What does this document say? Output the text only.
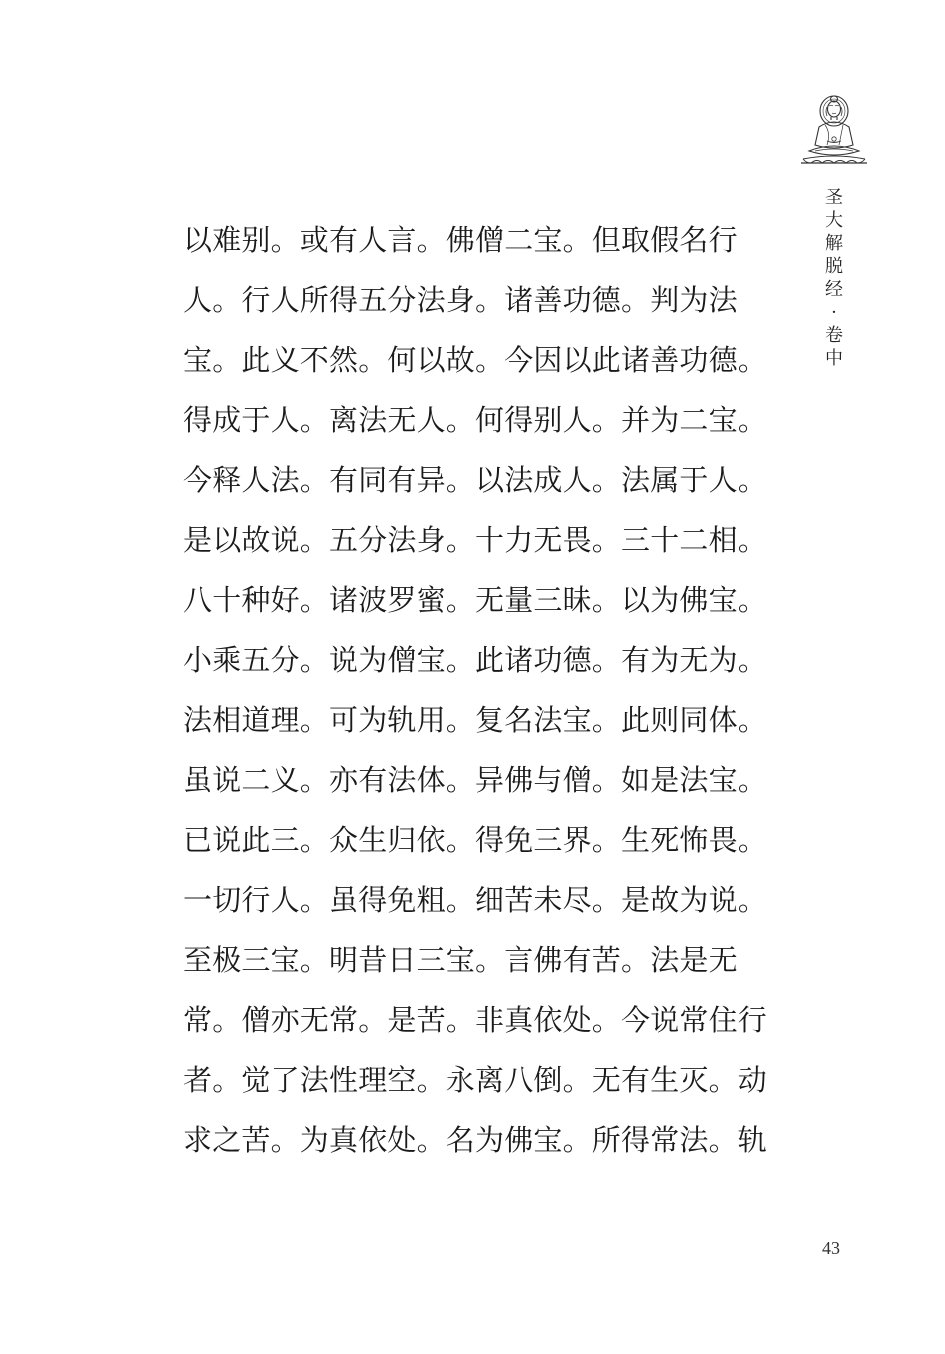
圣
大
解
脱
经
·
卷
中
以难别。或有人言。佛僧二宝。但取假名行
人。行人所得五分法身。诸善功德。判为法
宝。此义不然。何以故。今因以此诸善功德。
得成于人。离法无人。何得别人。并为二宝。
今释人法。有同有异。以法成人。法属于人。
是以故说。五分法身。十力无畏。三十二相。
八十种好。诸波罗蜜。无量三昧。以为佛宝。
小乘五分。说为僧宝。此诸功德。有为无为。
法相道理。可为轨用。复名法宝。此则同体。
虽说二义。亦有法体。异佛与僧。如是法宝。
已说此三。众生归依。得免三界。生死怖畏。
一切行人。虽得免粗。细苦未尽。是故为说。
至极三宝。明昔日三宝。言佛有苦。法是无
常。僧亦无常。是苦。非真依处。今说常住行
者。觉了法性理空。永离八倒。无有生灭。动
求之苦。为真依处。名为佛宝。所得常法。轨
43
